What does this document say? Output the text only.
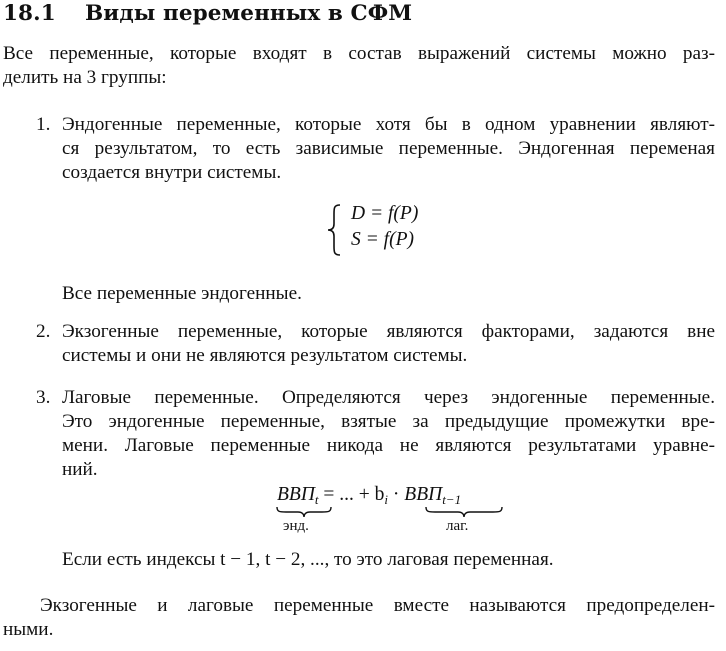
18.1 Виды переменных в СФМ
Все переменные, которые входят в состав выражений системы можно раз-
делить на 3 группы:
1. Эндогенные переменные, которые хотя бы в одном уравнении являют-
ся результатом, то есть зависимые переменные. Эндогенная переменая
создается внутри системы.
D = f(P)
S = f(P)
Все переменные эндогенные.
2. Экзогенные переменные, которые являются факторами, задаются вне
системы и они не являются результатом системы.
3. Лаговые переменные. Определяются через эндогенные переменные.
Это эндогенные переменные, взятые за предыдущие промежутки вре-
мени. Лаговые переменные никода не являются результатами уравне-
ний.
$ВВП_t$ = ... + $b_i \cdot ВВП_{t-1}$
энд.	лаг.
Если есть индексы t − 1, t − 2, ..., то это лаговая переменная.
Экзогенные и лаговые переменные вместе называются предопределен-
ными.
